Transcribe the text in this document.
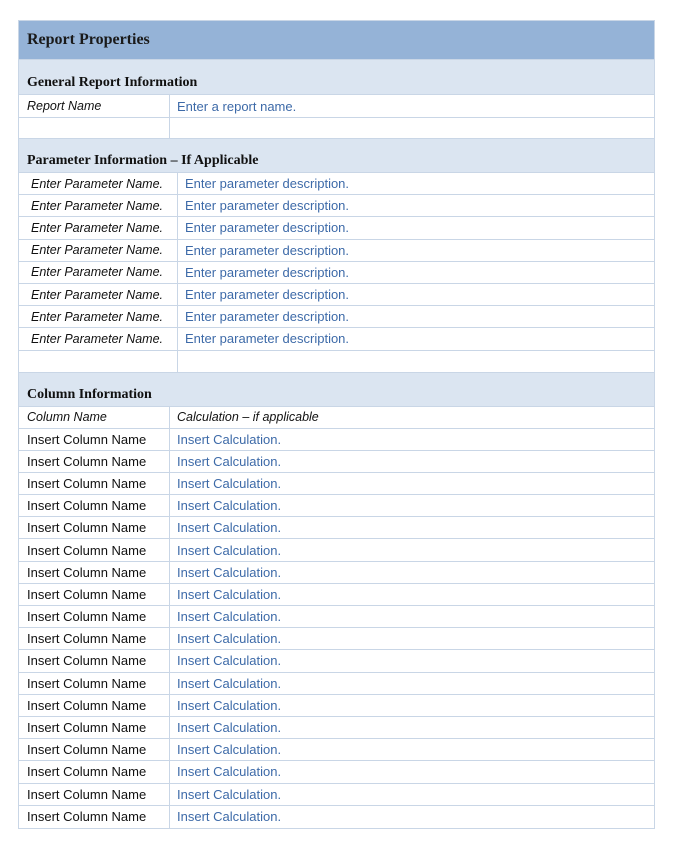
Report Properties
General Report Information
Report Name	Enter a report name.
Parameter Information – If Applicable
Enter Parameter Name.	Enter parameter description.
Enter Parameter Name.	Enter parameter description.
Enter Parameter Name.	Enter parameter description.
Enter Parameter Name.	Enter parameter description.
Enter Parameter Name.	Enter parameter description.
Enter Parameter Name.	Enter parameter description.
Enter Parameter Name.	Enter parameter description.
Enter Parameter Name.	Enter parameter description.
Column Information
Column Name	Calculation – if applicable
Insert Column Name	Insert Calculation.
Insert Column Name	Insert Calculation.
Insert Column Name	Insert Calculation.
Insert Column Name	Insert Calculation.
Insert Column Name	Insert Calculation.
Insert Column Name	Insert Calculation.
Insert Column Name	Insert Calculation.
Insert Column Name	Insert Calculation.
Insert Column Name	Insert Calculation.
Insert Column Name	Insert Calculation.
Insert Column Name	Insert Calculation.
Insert Column Name	Insert Calculation.
Insert Column Name	Insert Calculation.
Insert Column Name	Insert Calculation.
Insert Column Name	Insert Calculation.
Insert Column Name	Insert Calculation.
Insert Column Name	Insert Calculation.
Insert Column Name	Insert Calculation.
